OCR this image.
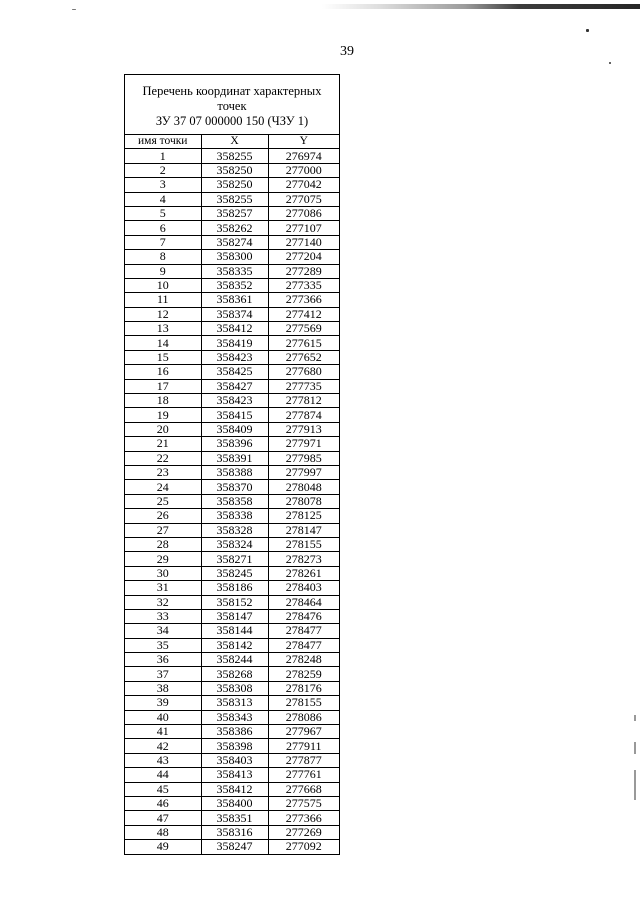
39
Перечень координат характерных точек
ЗУ 37 07 000000 150 (ЧЗУ 1)
имя точки	X	Y
1	358255	276974
2	358250	277000
3	358250	277042
4	358255	277075
5	358257	277086
6	358262	277107
7	358274	277140
8	358300	277204
9	358335	277289
10	358352	277335
11	358361	277366
12	358374	277412
13	358412	277569
14	358419	277615
15	358423	277652
16	358425	277680
17	358427	277735
18	358423	277812
19	358415	277874
20	358409	277913
21	358396	277971
22	358391	277985
23	358388	277997
24	358370	278048
25	358358	278078
26	358338	278125
27	358328	278147
28	358324	278155
29	358271	278273
30	358245	278261
31	358186	278403
32	358152	278464
33	358147	278476
34	358144	278477
35	358142	278477
36	358244	278248
37	358268	278259
38	358308	278176
39	358313	278155
40	358343	278086
41	358386	277967
42	358398	277911
43	358403	277877
44	358413	277761
45	358412	277668
46	358400	277575
47	358351	277366
48	358316	277269
49	358247	277092
